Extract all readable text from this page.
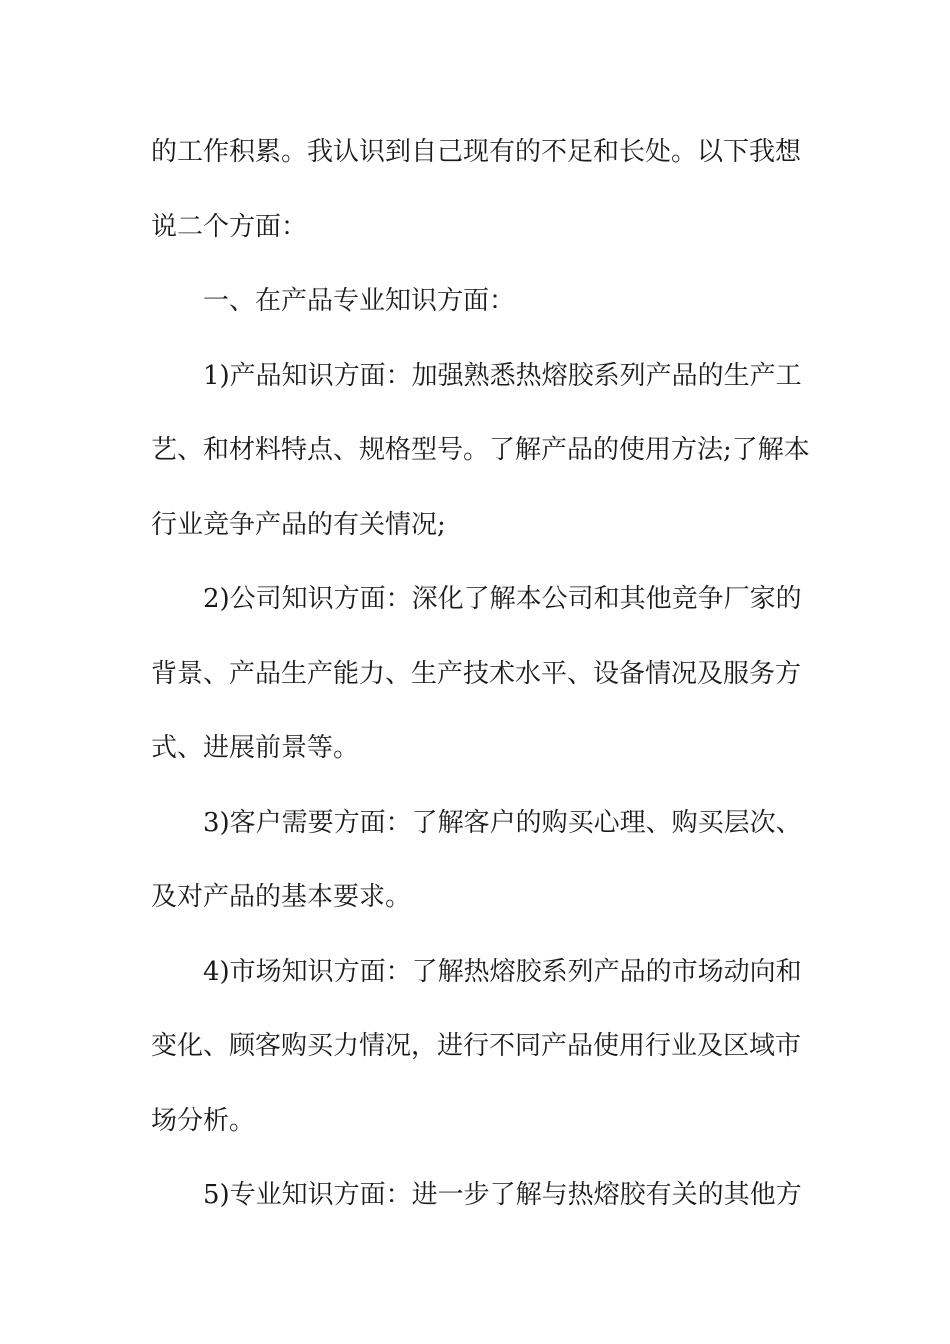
的工作积累。我认识到自己现有的不足和长处。以下我想
说二个方面：
一、在产品专业知识方面：
1)产品知识方面：加强熟悉热熔胶系列产品的生产工
艺、和材料特点、规格型号。了解产品的使用方法;了解本
行业竞争产品的有关情况;
2)公司知识方面：深化了解本公司和其他竞争厂家的
背景、产品生产能力、生产技术水平、设备情况及服务方
式、进展前景等。
3)客户需要方面：了解客户的购买心理、购买层次、
及对产品的基本要求。
4)市场知识方面：了解热熔胶系列产品的市场动向和
变化、顾客购买力情况，进行不同产品使用行业及区域市
场分析。
5)专业知识方面：进一步了解与热熔胶有关的其他方
